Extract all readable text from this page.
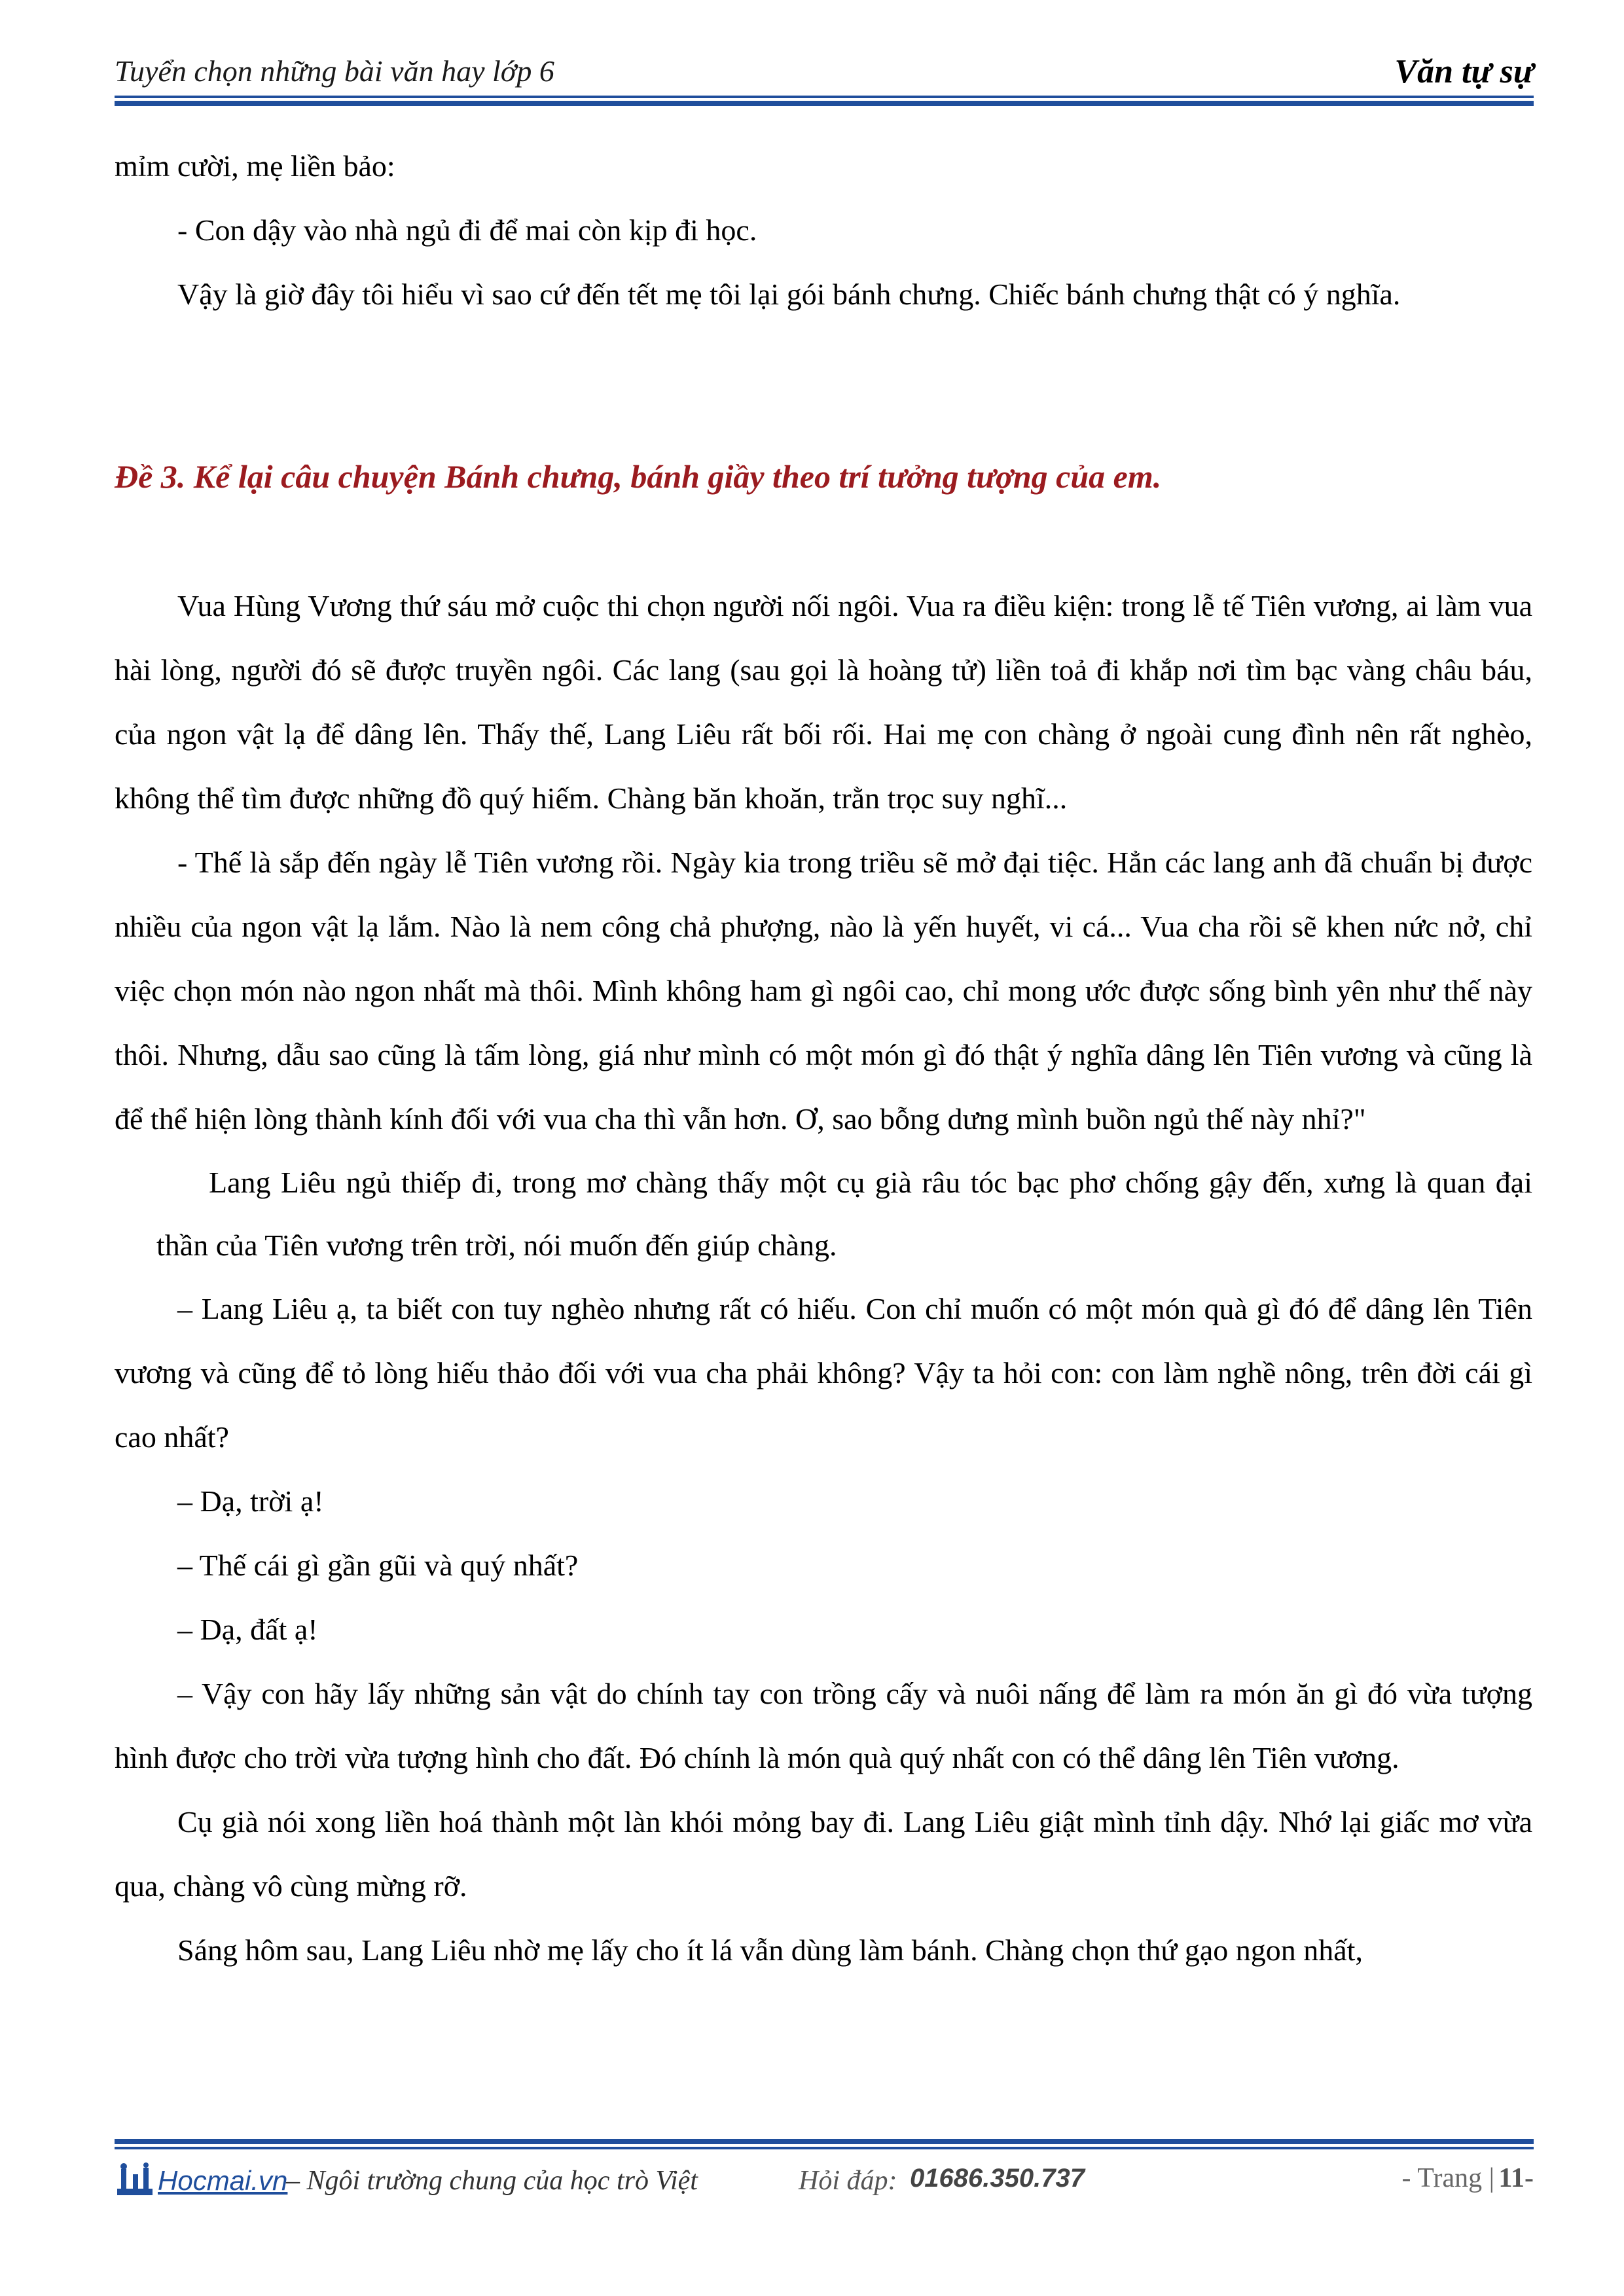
Tuyển chọn những bài văn hay lớp 6	Văn tự sự

mỉm cười, mẹ liền bảo:

- Con dậy vào nhà ngủ đi để mai còn kịp đi học.

Vậy là giờ đây tôi hiểu vì sao cứ đến tết mẹ tôi lại gói bánh chưng. Chiếc bánh chưng thật có ý nghĩa.

Đề 3. Kể lại câu chuyện Bánh chưng, bánh giầy theo trí tưởng tượng của em.

Vua Hùng Vương thứ sáu mở cuộc thi chọn người nối ngôi. Vua ra điều kiện: trong lễ tế Tiên vương, ai làm vua hài lòng, người đó sẽ được truyền ngôi. Các lang (sau gọi là hoàng tử) liền toả đi khắp nơi tìm bạc vàng châu báu, của ngon vật lạ để dâng lên. Thấy thế, Lang Liêu rất bối rối. Hai mẹ con chàng ở ngoài cung đình nên rất nghèo, không thể tìm được những đồ quý hiếm. Chàng băn khoăn, trằn trọc suy nghĩ...

- Thế là sắp đến ngày lễ Tiên vương rồi. Ngày kia trong triều sẽ mở đại tiệc. Hẳn các lang anh đã chuẩn bị được nhiều của ngon vật lạ lắm. Nào là nem công chả phượng, nào là yến huyết, vi cá... Vua cha rồi sẽ khen nức nở, chỉ việc chọn món nào ngon nhất mà thôi. Mình không ham gì ngôi cao, chỉ mong ước được sống bình yên như thế này thôi. Nhưng, dẫu sao cũng là tấm lòng, giá như mình có một món gì đó thật ý nghĩa dâng lên Tiên vương và cũng là để thể hiện lòng thành kính đối với vua cha thì vẫn hơn. Ơ, sao bỗng dưng mình buồn ngủ thế này nhỉ?"

Lang Liêu ngủ thiếp đi, trong mơ chàng thấy một cụ già râu tóc bạc phơ chống gậy đến, xưng là quan đại thần của Tiên vương trên trời, nói muốn đến giúp chàng.

– Lang Liêu ạ, ta biết con tuy nghèo nhưng rất có hiếu. Con chỉ muốn có một món quà gì đó để dâng lên Tiên vương và cũng để tỏ lòng hiếu thảo đối với vua cha phải không? Vậy ta hỏi con: con làm nghề nông, trên đời cái gì cao nhất?

– Dạ, trời ạ!

– Thế cái gì gần gũi và quý nhất?

– Dạ, đất ạ!

– Vậy con hãy lấy những sản vật do chính tay con trồng cấy và nuôi nấng để làm ra món ăn gì đó vừa tượng hình được cho trời vừa tượng hình cho đất. Đó chính là món quà quý nhất con có thể dâng lên Tiên vương.

Cụ già nói xong liền hoá thành một làn khói mỏng bay đi. Lang Liêu giật mình tỉnh dậy. Nhớ lại giấc mơ vừa qua, chàng vô cùng mừng rỡ.

Sáng hôm sau, Lang Liêu nhờ mẹ lấy cho ít lá vẫn dùng làm bánh. Chàng chọn thứ gạo ngon nhất,

Hocmai.vn
– Ngôi trường chung của học trò Việt	Hỏi đáp: 01686.350.737	- Trang | 11-
